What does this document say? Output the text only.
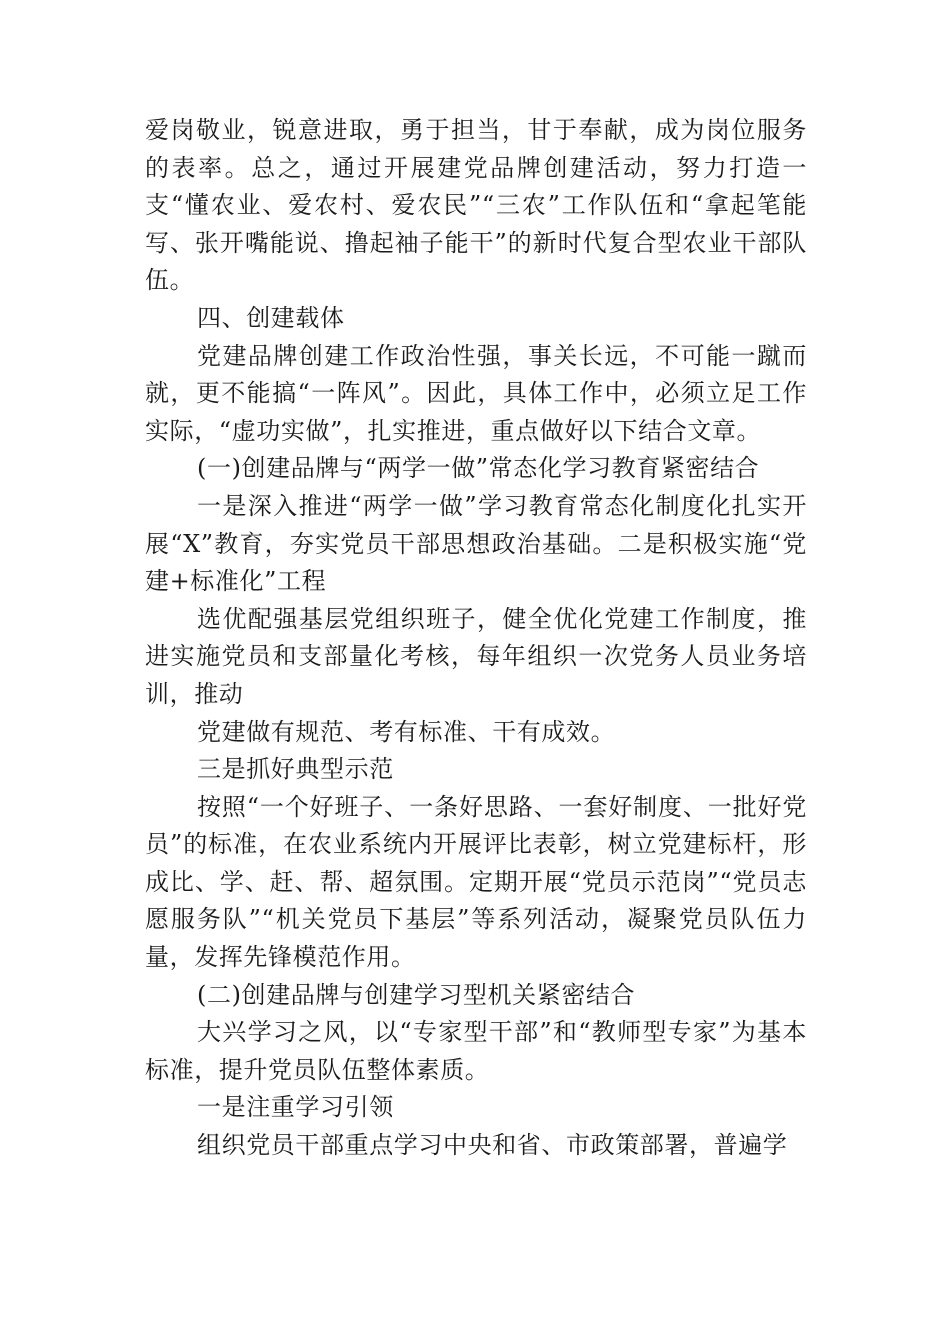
爱岗敬业，锐意进取，勇于担当，甘于奉献，成为岗位服务的表率。总之，通过开展建党品牌创建活动，努力打造一支“懂农业、爱农村、爱农民”“三农”工作队伍和“拿起笔能写、张开嘴能说、撸起袖子能干”的新时代复合型农业干部队伍。

四、创建载体

党建品牌创建工作政治性强，事关长远，不可能一蹴而就，更不能搞“一阵风”。因此，具体工作中，必须立足工作实际，“虚功实做”，扎实推进，重点做好以下结合文章。

(一)创建品牌与“两学一做”常态化学习教育紧密结合

一是深入推进“两学一做”学习教育常态化制度化扎实开展“X”教育，夯实党员干部思想政治基础。二是积极实施“党建+标准化”工程

选优配强基层党组织班子，健全优化党建工作制度，推进实施党员和支部量化考核，每年组织一次党务人员业务培训，推动

党建做有规范、考有标准、干有成效。

三是抓好典型示范

按照“一个好班子、一条好思路、一套好制度、一批好党员”的标准，在农业系统内开展评比表彰，树立党建标杆，形成比、学、赶、帮、超氛围。定期开展“党员示范岗”“党员志愿服务队”“机关党员下基层”等系列活动，凝聚党员队伍力量，发挥先锋模范作用。

(二)创建品牌与创建学习型机关紧密结合

大兴学习之风，以“专家型干部”和“教师型专家”为基本标准，提升党员队伍整体素质。

一是注重学习引领

组织党员干部重点学习中央和省、市政策部署，普遍学
